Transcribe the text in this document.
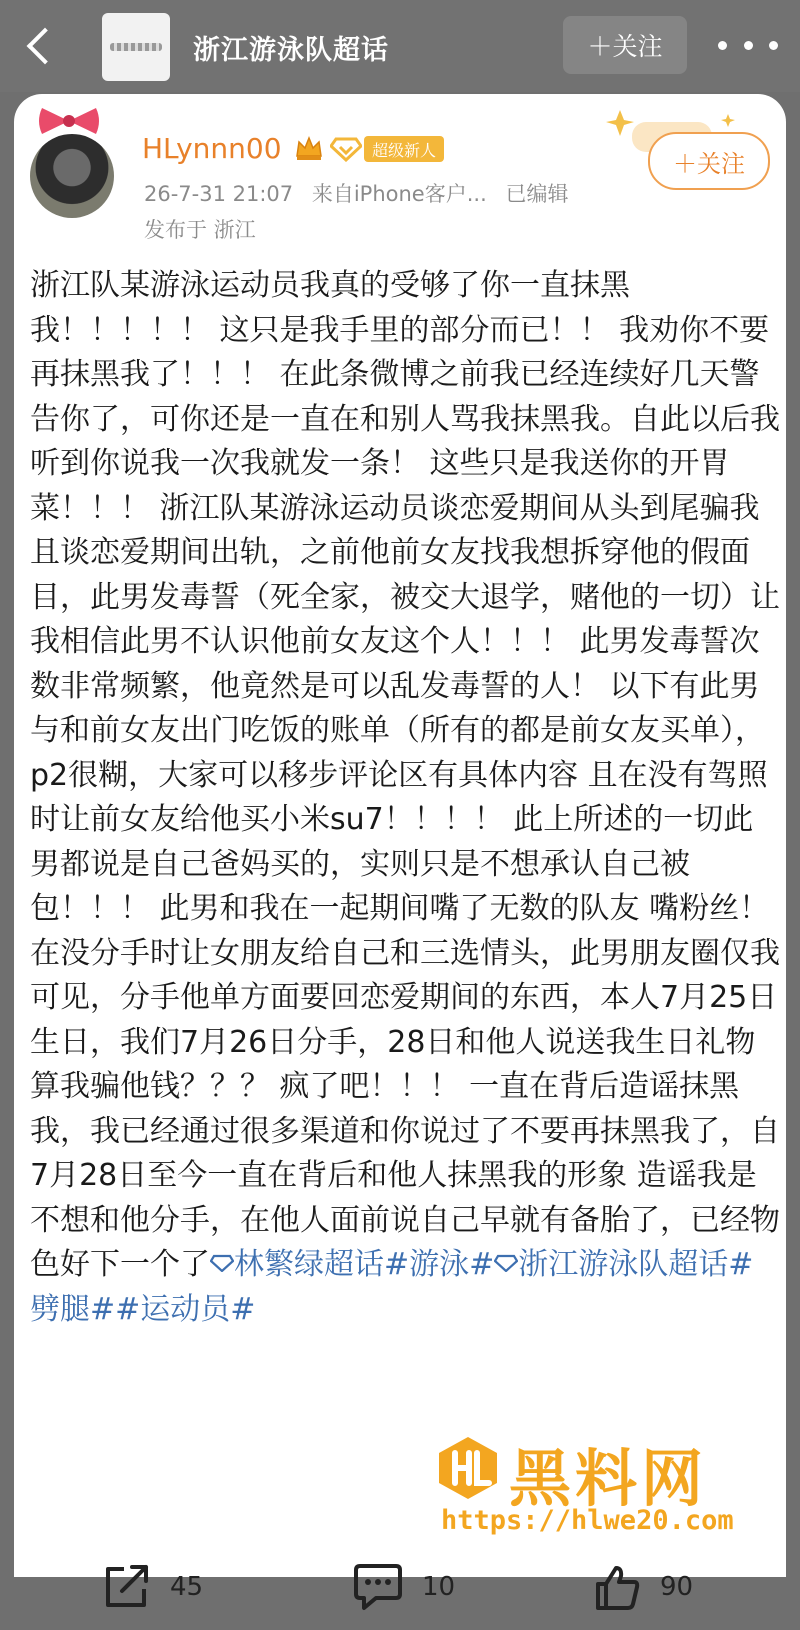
浙江游泳队超话	＋关注
HLynnn00	超级新人
26-7-31 21:07 来自iPhone客户... 已编辑
发布于 浙江
＋关注

浙江队某游泳运动员我真的受够了你一直抹黑我！！！！！ 这只是我手里的部分而已！！ 我劝你不要再抹黑我了！！！ 在此条微博之前我已经连续好几天警告你了，可你还是一直在和别人骂我抹黑我。自此以后我听到你说我一次我就发一条！ 这些只是我送你的开胃菜！！！ 浙江队某游泳运动员谈恋爱期间从头到尾骗我且谈恋爱期间出轨，之前他前女友找我想拆穿他的假面目，此男发毒誓（死全家，被交大退学，赌他的一切）让我相信此男不认识他前女友这个人！！！ 此男发毒誓次数非常频繁，他竟然是可以乱发毒誓的人！ 以下有此男与和前女友出门吃饭的账单（所有的都是前女友买单），p2很糊，大家可以移步评论区有具体内容 且在没有驾照时让前女友给他买小米su7！！！！ 此上所述的一切此男都说是自己爸妈买的，实则只是不想承认自己被包！！！ 此男和我在一起期间嘴了无数的队友 嘴粉丝！ 在没分手时让女朋友给自己和三选情头，此男朋友圈仅我可见，分手他单方面要回恋爱期间的东西，本人7月25日生日，我们7月26日分手，28日和他人说送我生日礼物算我骗他钱？？？ 疯了吧！！！ 一直在背后造谣抹黑我，我已经通过很多渠道和你说过了不要再抹黑我了，自7月28日至今一直在背后和他人抹黑我的形象 造谣我是不想和他分手，在他人面前说自己早就有备胎了，已经物色好下一个了 林繁绿超话#游泳# 浙江游泳队超话#劈腿##运动员#

45	10	90
黑料网
https://hlwe20.com
